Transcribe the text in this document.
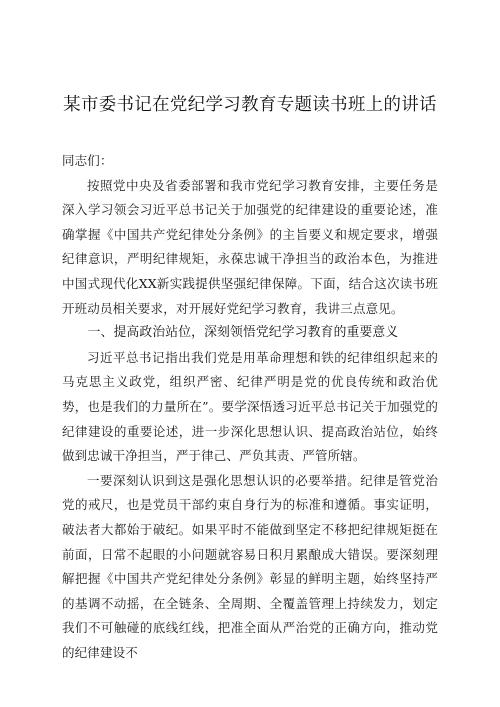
某市委书记在党纪学习教育专题读书班上的讲话

同志们：

按照党中央及省委部署和我市党纪学习教育安排，主要任务是深入学习领会习近平总书记关于加强党的纪律建设的重要论述，准确掌握《中国共产党纪律处分条例》的主旨要义和规定要求，增强纪律意识，严明纪律规矩，永葆忠诚干净担当的政治本色，为推进中国式现代化XX新实践提供坚强纪律保障。下面，结合这次读书班开班动员相关要求，对开展好党纪学习教育，我讲三点意见。

一、提高政治站位，深刻领悟党纪学习教育的重要意义

习近平总书记指出我们党是用革命理想和铁的纪律组织起来的马克思主义政党，组织严密、纪律严明是党的优良传统和政治优势，也是我们的力量所在”。要学深悟透习近平总书记关于加强党的纪律建设的重要论述，进一步深化思想认识、提高政治站位，始终做到忠诚干净担当，严于律己、严负其责、严管所辖。

一要深刻认识到这是强化思想认识的必要举措。纪律是管党治党的戒尺，也是党员干部约束自身行为的标准和遵循。事实证明，破法者大都始于破纪。如果平时不能做到坚定不移把纪律规矩挺在前面，日常不起眼的小问题就容易日积月累酿成大错误。要深刻理解把握《中国共产党纪律处分条例》彰显的鲜明主题，始终坚持严的基调不动摇，在全链条、全周期、全覆盖管理上持续发力，划定我们不可触碰的底线红线，把准全面从严治党的正确方向，推动党的纪律建设不
